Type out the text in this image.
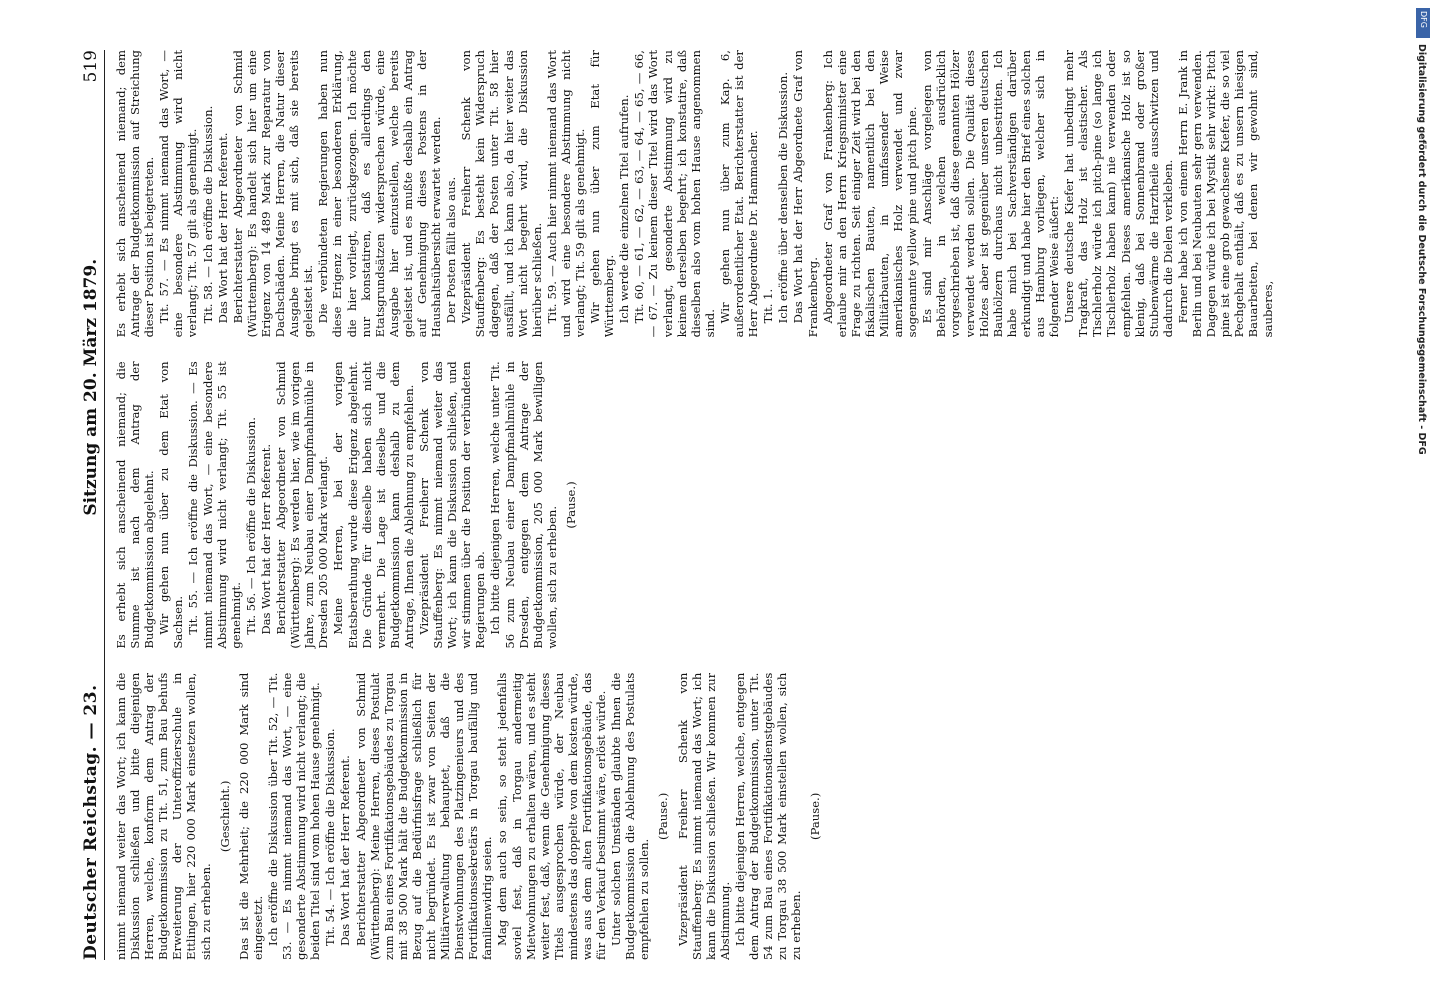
Deutscher Reichstag. — 23.
Sitzung am 20. März 1879.
519

nimmt niemand weiter das Wort; ich kann die Diskussion schließen und bitte diejenigen Herren, welche, konform dem Antrag der Budgetkommission zu Tit. 51, zum Bau behufs Erweiterung der Unteroffizierschule in Ettlingen, hier 220 000 Mark einsetzen wollen, sich zu erheben.

(Geschieht.) Das ist die Mehrheit; die 220 000 Mark sind eingesetzt. Ich eröffne die Diskussion über Tit. 52, — Tit. 53. — Es nimmt niemand das Wort, — eine gesonderte Abstimmung wird nicht verlangt; die beiden Titel sind vom hohen Hause genehmigt. Tit. 54. — Ich eröffne die Diskussion. Das Wort hat der Herr Referent. Berichterstatter Abgeordneter von Schmid (Württemberg): Meine Herren, dieses Postulat zum Bau eines Fortifikationsgebäudes zu Torgau mit 38 500 Mark hält die Budgetkommission in Bezug auf die Bedürfnisfrage schließlich für nicht begründet. Es ist zwar von Seiten der Militärverwaltung behauptet, daß die Dienstwohnungen des Platzingenieurs und des Fortifikationssekretärs in Torgau baufällig und familienwidrig seien. Mag dem auch so sein, so steht jedenfalls soviel fest, daß in Torgau andermeitig Mietwohnungen zu erhalten wären, und es steht weiter fest, daß, wenn die Genehmigung dieses Titels ausgesprochen würde, der Neubau mindestens das doppelte von dem kosten würde, was aus dem alten Fortifikationsgebäude, das für den Verkauf bestimmt wäre, erlöst würde. Unter solchen Umständen glaubte Ihnen die Budgetkommission die Ablehnung des Postulats empfehlen zu sollen.

(Pause.) Vizepräsident Freiherr Schenk von Stauffenberg: Es nimmt niemand das Wort; ich kann die Diskussion schließen. Wir kommen zur Abstimmung. Ich bitte diejenigen Herren, welche, entgegen dem Antrag der Budgetkommission, unter Tit. 54 zum Bau eines Fortifikationsdienstgebäudes zu Torgau 38 500 Mark einstellen wollen, sich zu erheben.

(Pause.)

Es erhebt sich anscheinend niemand; die Summe ist nach dem Antrag der Budgetkommission abgelehnt. Wir gehen nun über zu dem Etat von Sachsen. Tit. 55. — Ich eröffne die Diskussion. — Es nimmt niemand das Wort, — eine besondere Abstimmung wird nicht verlangt; Tit. 55 ist genehmigt. Tit. 56. — Ich eröffne die Diskussion. Das Wort hat der Herr Referent. Berichterstatter Abgeordneter von Schmid (Württemberg): Es werden hier, wie im vorigen Jahre, zum Neubau einer Dampfmahlmühle in Dresden 205 000 Mark verlangt. Meine Herren, bei der vorigen Etatsberathung wurde diese Erigenz abgelehnt. Die Gründe für dieselbe haben sich nicht vermehrt. Die Lage ist dieselbe und die Budgetkommission kann deshalb zu dem Antrage, Ihnen die Ablehnung zu empfehlen. Vizepräsident Freiherr Schenk von Stauffenberg: Es nimmt niemand weiter das Wort; ich kann die Diskussion schließen, und wir stimmen über die Position der verbündeten Regierungen ab. Ich bitte diejenigen Herren, welche unter Tit. 56 zum Neubau einer Dampfmahlmühle in Dresden, entgegen dem Antrage der Budgetkommission, 205 000 Mark bewilligen wollen, sich zu erheben.

(Pause.)

Es erhebt sich anscheinend niemand; dem Antrage der Budgetkommission auf Streichung dieser Position ist beigetreten. Tit. 57. — Es nimmt niemand das Wort, — eine besondere Abstimmung wird nicht verlangt; Tit. 57 gilt als genehmigt. Tit. 58. — Ich eröffne die Diskussion. Das Wort hat der Herr Referent. Berichterstatter Abgeordneter von Schmid (Württemberg): Es handelt sich hier um eine Erigenz von 14 489 Mark zur Reparatur von Dachschäden. Meine Herren, die Natur dieser Ausgabe bringt es mit sich, daß sie bereits geleistet ist. Die verbündeten Regierungen haben nun diese Erigenz in einer besonderen Erklärung, die hier vorliegt, zurückgezogen. Ich möchte nur konstatiren, daß es allerdings den Etatsgrundsätzen widersprechen würde, eine Ausgabe hier einzustellen, welche bereits geleistet ist, und es mußte deshalb ein Antrag auf Genehmigung dieses Postens in der Haushaltsübersicht erwartet werden. Der Posten fällt also aus. Vizepräsident Freiherr Schenk von Stauffenberg: Es besteht kein Widerspruch dagegen, daß der Posten unter Tit. 58 hier ausfällt, und ich kann also, da hier weiter das Wort nicht begehrt wird, die Diskussion hierüber schließen. Tit. 59. — Auch hier nimmt niemand das Wort und wird eine besondere Abstimmung nicht verlangt; Tit. 59 gilt als genehmigt. Wir gehen nun über zum Etat für Württemberg. Ich werde die einzelnen Titel aufrufen. Tit. 60, — 61, — 62, — 63, — 64, — 65, — 66, — 67. — Zu keinem dieser Titel wird das Wort verlangt, gesonderte Abstimmung wird zu keinem derselben begehrt; ich konstatire, daß dieselben also vom hohen Hause angenommen sind. Wir gehen nun über zum Kap. 6, außerordentlicher Etat. Berichterstatter ist der Herr Abgeordnete Dr. Hammacher. Tit. 1. Ich eröffne über denselben die Diskussion. Das Wort hat der Herr Abgeordnete Graf von Frankenberg. Abgeordneter Graf von Frankenberg: Ich erlaube mir an den Herrn Kriegsminister eine Frage zu richten. Seit einiger Zeit wird bei den fiskalischen Bauten, namentlich bei den Militärbauten, in umfassender Weise amerikanisches Holz verwendet und zwar sogenannte yellow pine und pitch pine. Es sind mir Anschläge vorgelegen von Behörden, in welchen ausdrücklich vorgeschrieben ist, daß diese genannten Hölzer verwendet werden sollen. Die Qualität dieses Holzes aber ist gegenüber unseren deutschen Bauhölzern durchaus nicht unbestritten. Ich habe mich bei Sachverständigen darüber erkundigt und habe hier den Brief eines solchen aus Hamburg vorliegen, welcher sich in folgender Weise äußert: Unsere deutsche Kiefer hat unbedingt mehr Tragkraft, das Holz ist elastischer. Als Tischlerholz würde ich pitch-pine (so lange ich Tischlerholz haben kann) nie verwenden oder empfehlen. Dieses amerikanische Holz ist so klenig, daß bei Sonnenbrand oder großer Stubenwärme die Harztheile ausschwitzen und dadurch die Dielen verkleben. Ferner habe ich von einem Herrn E. Jrank in Berlin und bei Neubauten sehr gern verwenden. Dagegen würde ich bei Mystik sehr wirkt: Pitch pine ist eine grob gewachsene Kiefer, die so viel Pechgehalt enthält, daß es zu unsern hiesigen Bauarbeiten, bei denen wir gewohnt sind, sauberes,

DFG
Digitalisierung gefördert durch die Deutsche Forschungsgemeinschaft - DFG
